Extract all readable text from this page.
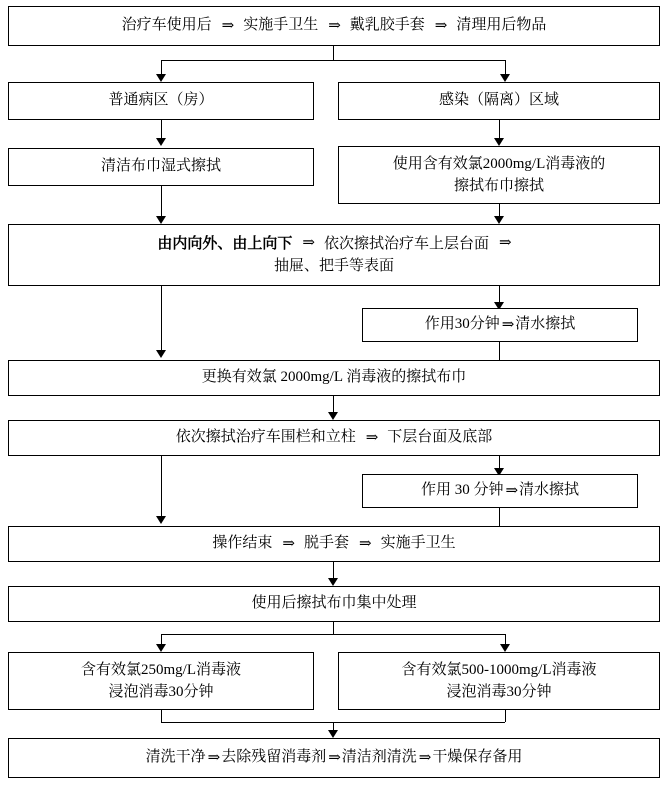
治疗车使用后 ⇒ 实施手卫生 ⇒ 戴乳胶手套 ⇒ 清理用后物品
普通病区（房）	感染（隔离）区域
清洁布巾湿式擦拭	使用含有效氯2000mg/L消毒液的
擦拭布巾擦拭
由内向外、由上向下 ⇒ 依次擦拭治疗车上层台面 ⇒
抽屉、把手等表面
作用30分钟 ⇒ 清水擦拭
更换有效氯 2000mg/L 消毒液的擦拭布巾
依次擦拭治疗车围栏和立柱 ⇒ 下层台面及底部
作用 30 分钟 ⇒ 清水擦拭
操作结束 ⇒ 脱手套 ⇒ 实施手卫生
使用后擦拭布巾集中处理
含有效氯250mg/L消毒液
浸泡消毒30分钟
含有效氯500-1000mg/L消毒液
浸泡消毒30分钟
清洗干净 ⇒ 去除残留消毒剂 ⇒ 清洁剂清洗 ⇒ 干燥保存备用
